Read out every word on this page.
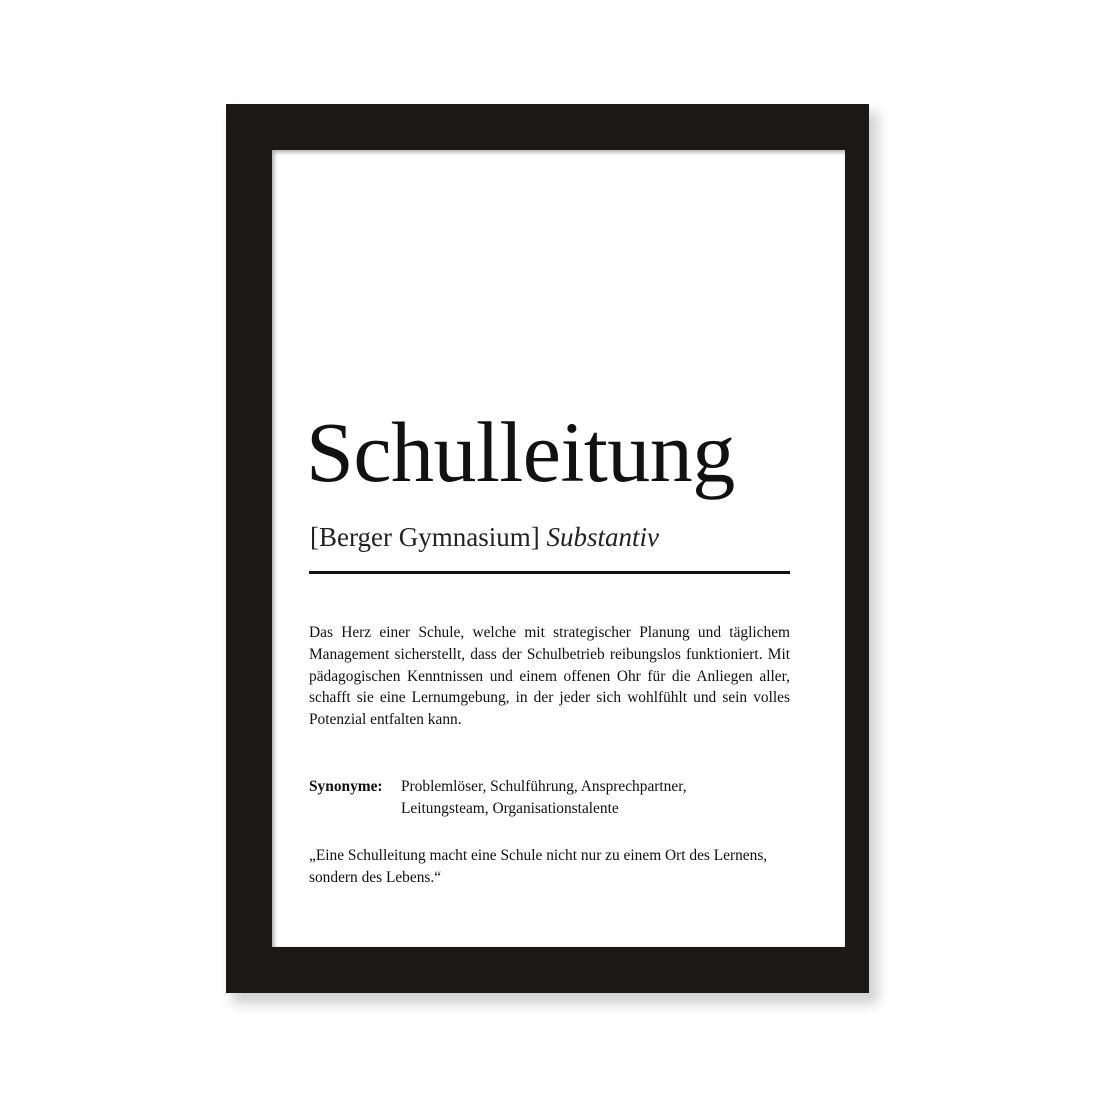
Schulleitung

[Berger Gymnasium] Substantiv

Das Herz einer Schule, welche mit strategischer Planung und täglichem Management sicherstellt, dass der Schulbetrieb reibungslos funktioniert. Mit pädagogischen Kenntnissen und einem offenen Ohr für die Anliegen aller, schafft sie eine Lernumgebung, in der jeder sich wohlfühlt und sein volles Potenzial entfalten kann.

Synonyme:	Problemlöser, Schulführung, Ansprechpartner, Leitungsteam, Organisationstalente

„Eine Schulleitung macht eine Schule nicht nur zu einem Ort des Lernens, sondern des Lebens.“
